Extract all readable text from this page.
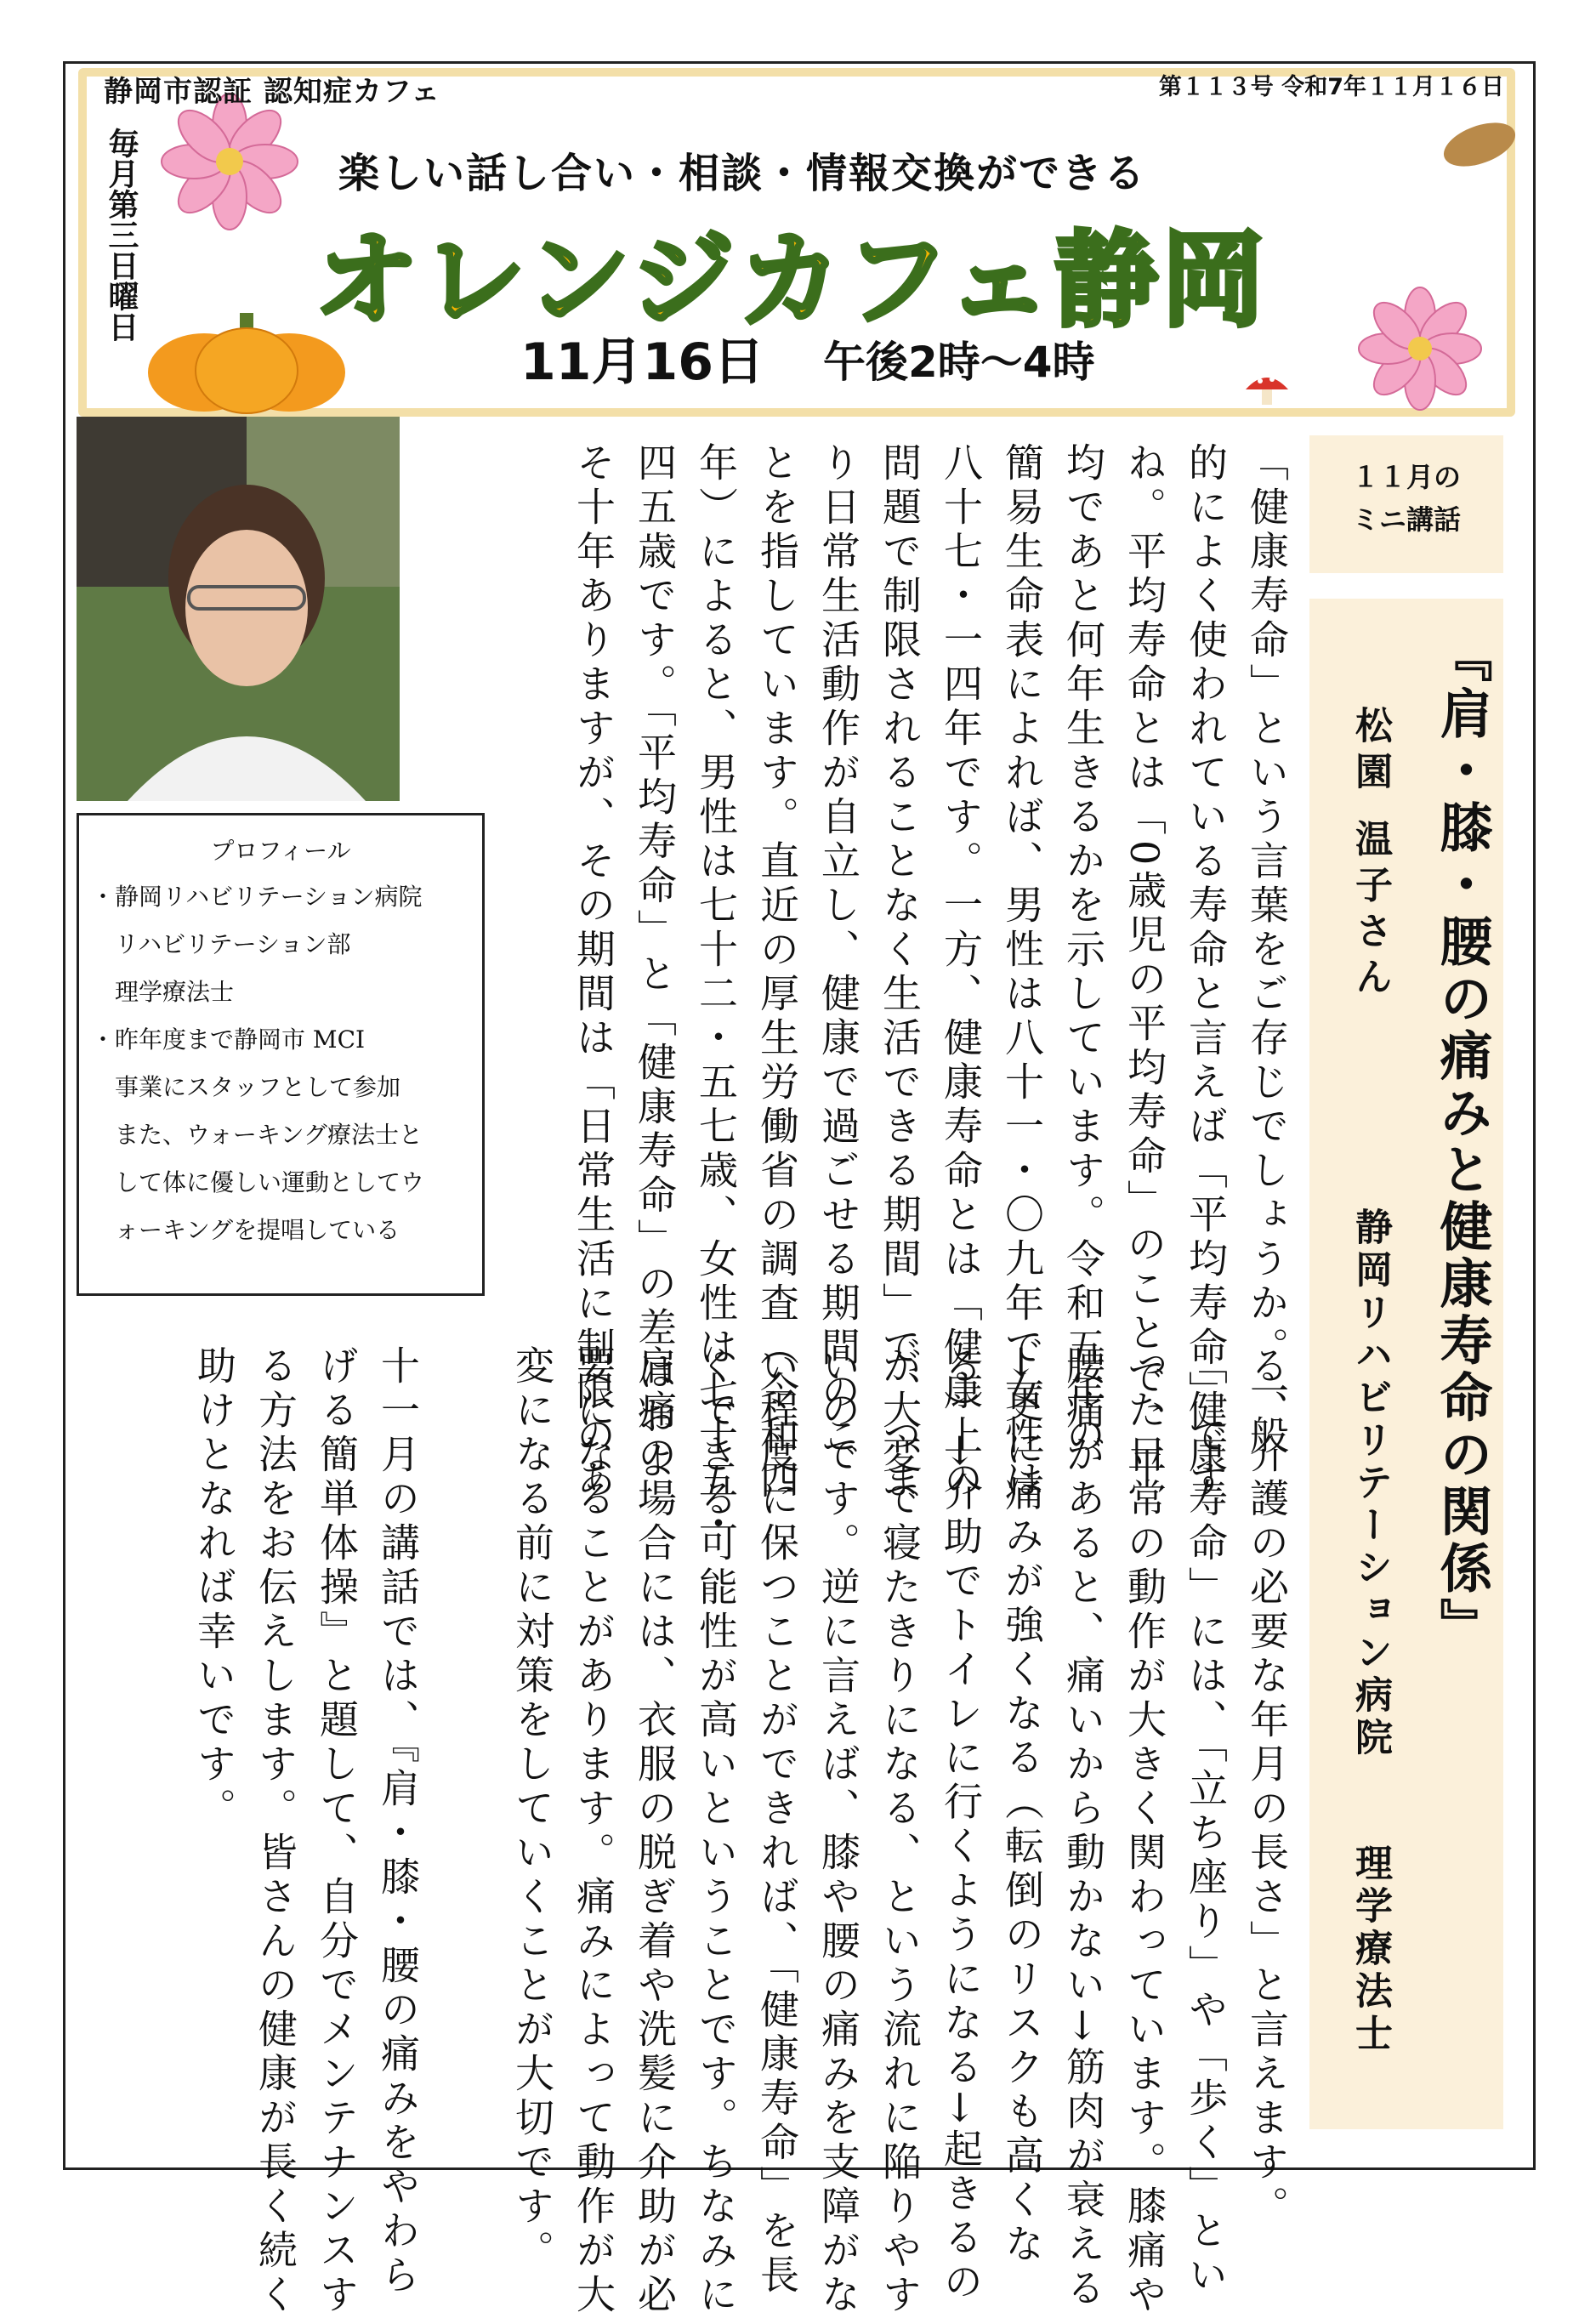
静岡市認証 認知症カフェ	第１１３号 令和7年１１月１６日
毎月第三日曜日	楽しい話し合い・相談・情報交換ができる
オレンジカフェ静岡
11月16日 午後2時～4時
プロフィール
・静岡リハビリテーション病院
　リハビリテーション部
　理学療法士
・昨年度まで静岡市 MCI
　事業にスタッフとして参加
　また、ウォーキング療法士と
　して体に優しい運動としてウ
　ォーキングを提唱している
１１月の
ミニ講話
『肩・膝・腰の痛みと健康寿命の関係』
松園 温子さん
静岡リハビリテーション病院
理学療法士
「健康寿命」という言葉をご存じでしょうか。一般
的によく使われている寿命と言えば「平均寿命」です
ね。平均寿命とは「0歳児の平均寿命」のことで、平
均であと何年生きるかを示しています。令和五年の
簡易生命表によれば、男性は八十一・〇九年で女性は
八十七・一四年です。一方、健康寿命とは「健康上の
問題で制限されることなく生活できる期間」で、つま
り日常生活動作が自立し、健康で過ごせる期間のこ
とを指しています。直近の厚生労働省の調査（令和四
年）によると、男性は七十二・五七歳、女性は七十五・
四五歳です。「平均寿命」と「健康寿命」の差はおよ
そ十年ありますが、その期間は「日常生活に制限のあ
る、介護の必要な年月の長さ」と言えます。
「健康寿命」には、「立ち座り」や「歩く」とい
った日常の動作が大きく関わっています。膝痛や
腰痛があると、痛いから動かない→筋肉が衰える
→更に痛みが強くなる（転倒のリスクも高くな
る）→介助でトイレに行くようになる→起きるの
が大変で寝たきりになる、という流れに陥りやす
いのです。逆に言えば、膝や腰の痛みを支障がな
い程度に保つことができれば、「健康寿命」を長
くできる可能性が高いということです。ちなみに
肩痛の場合には、衣服の脱ぎ着や洗髪に介助が必
要になることがあります。痛みによって動作が大
変になる前に対策をしていくことが大切です。
十一月の講話では、『肩・膝・腰の痛みをやわら
げる簡単体操』と題して、自分でメンテナンスす
る方法をお伝えします。皆さんの健康が長く続く
助けとなれば幸いです。
